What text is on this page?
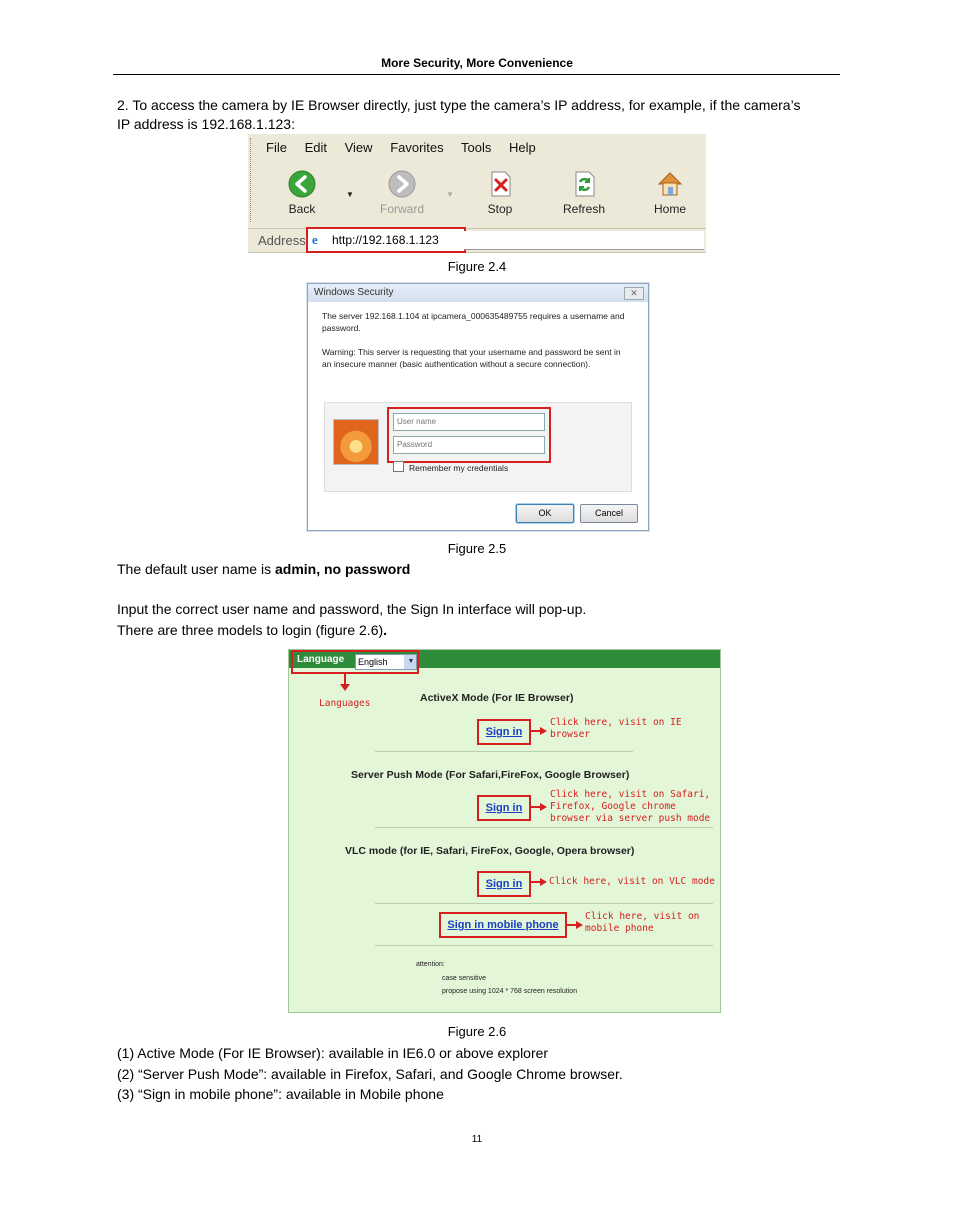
More Security, More Convenience
2. To access the camera by IE Browser directly, just type the camera’s IP address, for example, if the camera’s
IP address is 192.168.1.123:
File Edit View Favorites Tools Help
Back
▼
Forward
▼
Stop	Refresh	Home
Address e http://192.168.1.123
Figure 2.4
Windows Security	✕
The server 192.168.1.104 at ipcamera_000635489755 requires a username and password.
Warning: This server is requesting that your username and password be sent in an insecure manner (basic authentication without a secure connection).
User name
Password
Remember my credentials
OK	Cancel
Figure 2.5
The default user name is admin, no password
Input the correct user name and password, the Sign In interface will pop-up.
There are three models to login (figure 2.6).
Language	English	▼
Languages	ActiveX Mode (For IE Browser)
Sign in
Click here, visit on IE
browser
Server Push Mode (For Safari,FireFox, Google Browser)
Sign in
Click here, visit on Safari,
Firefox, Google chrome
browser via server push mode
VLC mode (for IE, Safari, FireFox, Google, Opera browser)
Sign in	Click here, visit on VLC mode
Sign in mobile phone
Click here, visit on
mobile phone
attention:
case sensitive
propose using 1024 * 768 screen resolution
Figure 2.6
(1) Active Mode (For IE Browser): available in IE6.0 or above explorer
(2) “Server Push Mode”: available in Firefox, Safari, and Google Chrome browser.
(3) “Sign in mobile phone”: available in Mobile phone
11
